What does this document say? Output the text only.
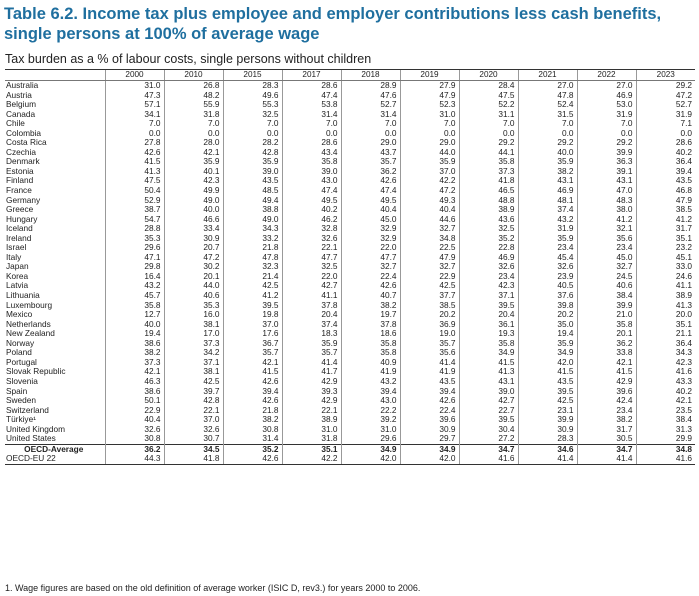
Table 6.2. Income tax plus employee and employer contributions less cash benefits,
single persons at 100% of average wage
Tax burden as a % of labour costs, single persons without children
	2000	2010	2015	2017	2018	2019	2020	2021	2022	2023
Australia	31.0	26.8	28.3	28.6	28.9	27.9	28.4	27.0	27.0	29.2
Austria	47.3	48.2	49.6	47.4	47.6	47.9	47.5	47.8	46.9	47.2
Belgium	57.1	55.9	55.3	53.8	52.7	52.3	52.2	52.4	53.0	52.7
Canada	34.1	31.8	32.5	31.4	31.4	31.0	31.1	31.5	31.9	31.9
Chile	7.0	7.0	7.0	7.0	7.0	7.0	7.0	7.0	7.0	7.1
Colombia	0.0	0.0	0.0	0.0	0.0	0.0	0.0	0.0	0.0	0.0
Costa Rica	27.8	28.0	28.2	28.6	29.0	29.0	29.2	29.2	29.2	28.6
Czechia	42.6	42.1	42.8	43.4	43.7	44.0	44.1	40.0	39.9	40.2
Denmark	41.5	35.9	35.9	35.8	35.7	35.9	35.8	35.9	36.3	36.4
Estonia	41.3	40.1	39.0	39.0	36.2	37.0	37.3	38.2	39.1	39.4
Finland	47.5	42.3	43.5	43.0	42.6	42.2	41.8	43.1	43.1	43.5
France	50.4	49.9	48.5	47.4	47.4	47.2	46.5	46.9	47.0	46.8
Germany	52.9	49.0	49.4	49.5	49.5	49.3	48.8	48.1	48.3	47.9
Greece	38.7	40.0	38.8	40.2	40.4	40.4	38.9	37.4	38.0	38.5
Hungary	54.7	46.6	49.0	46.2	45.0	44.6	43.6	43.2	41.2	41.2
Iceland	28.8	33.4	34.3	32.8	32.9	32.7	32.5	31.9	32.1	31.7
Ireland	35.3	30.9	33.2	32.6	32.9	34.8	35.2	35.9	35.6	35.1
Israel	29.6	20.7	21.8	22.1	22.0	22.5	22.8	23.4	23.4	23.2
Italy	47.1	47.2	47.8	47.7	47.7	47.9	46.9	45.4	45.0	45.1
Japan	29.8	30.2	32.3	32.5	32.7	32.7	32.6	32.6	32.7	33.0
Korea	16.4	20.1	21.4	22.0	22.4	22.9	23.4	23.9	24.5	24.6
Latvia	43.2	44.0	42.5	42.7	42.6	42.5	42.3	40.5	40.6	41.1
Lithuania	45.7	40.6	41.2	41.1	40.7	37.7	37.1	37.6	38.4	38.9
Luxembourg	35.8	35.3	39.5	37.8	38.2	38.5	39.5	39.8	39.9	41.3
Mexico	12.7	16.0	19.8	20.4	19.7	20.2	20.4	20.2	21.0	20.0
Netherlands	40.0	38.1	37.0	37.4	37.8	36.9	36.1	35.0	35.8	35.1
New Zealand	19.4	17.0	17.6	18.3	18.6	19.0	19.3	19.4	20.1	21.1
Norway	38.6	37.3	36.7	35.9	35.8	35.7	35.8	35.9	36.2	36.4
Poland	38.2	34.2	35.7	35.7	35.8	35.6	34.9	34.9	33.8	34.3
Portugal	37.3	37.1	42.1	41.4	40.9	41.4	41.5	42.0	42.1	42.3
Slovak Republic	42.1	38.1	41.5	41.7	41.9	41.9	41.3	41.5	41.5	41.6
Slovenia	46.3	42.5	42.6	42.9	43.2	43.5	43.1	43.5	42.9	43.3
Spain	38.6	39.7	39.4	39.3	39.4	39.4	39.0	39.5	39.6	40.2
Sweden	50.1	42.8	42.6	42.9	43.0	42.6	42.7	42.5	42.4	42.1
Switzerland	22.9	22.1	21.8	22.1	22.2	22.4	22.7	23.1	23.4	23.5
Türkiye¹	40.4	37.0	38.2	38.9	39.2	39.6	39.5	39.9	38.2	38.4
United Kingdom	32.6	32.6	30.8	31.0	31.0	30.9	30.4	30.9	31.7	31.3
United States	30.8	30.7	31.4	31.8	29.6	29.7	27.2	28.3	30.5	29.9
OECD-Average	36.2	34.5	35.2	35.1	34.9	34.9	34.7	34.6	34.7	34.8
OECD-EU 22	44.3	41.8	42.6	42.2	42.0	42.0	41.6	41.4	41.4	41.6
1. Wage figures are based on the old definition of average worker (ISIC D, rev3.) for years 2000 to 2006.
